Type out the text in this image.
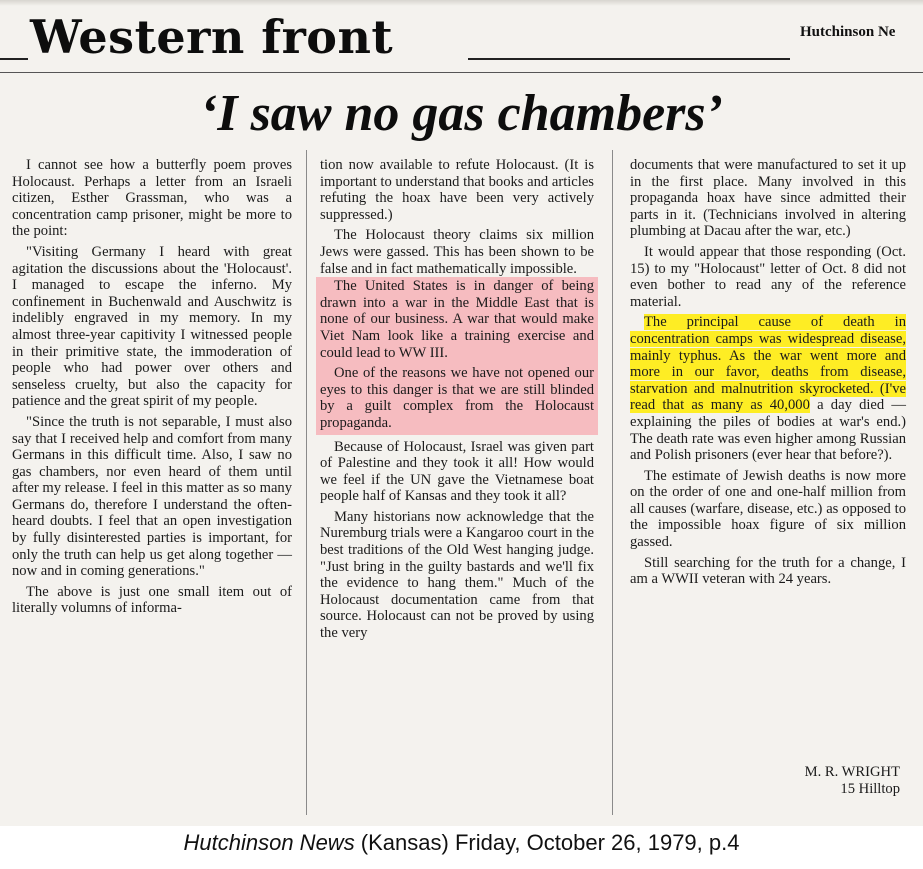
Western front	Hutchinson Ne
‘I saw no gas chambers’

I cannot see how a butterfly poem proves Holocaust. Perhaps a letter from an Israeli citizen, Esther Grassman, who was a concentration camp prisoner, might be more to the point:

"Visiting Germany I heard with great agitation the discussions about the 'Holocaust'. I managed to escape the inferno. My confinement in Buchenwald and Auschwitz is indelibly engraved in my memory. In my almost three-year capitivity I witnessed people in their primitive state, the immoderation of people who had power over others and senseless cruelty, but also the capacity for patience and the great spirit of my people.

"Since the truth is not separable, I must also say that I received help and comfort from many Germans in this difficult time. Also, I saw no gas chambers, nor even heard of them until after my release. I feel in this matter as so many Germans do, therefore I understand the often-heard doubts. I feel that an open investigation by fully disinterested parties is important, for only the truth can help us get along together — now and in coming generations."

The above is just one small item out of literally volumns of informa-

tion now available to refute Holocaust. (It is important to understand that books and articles refuting the hoax have been very actively suppressed.)

The Holocaust theory claims six million Jews were gassed. This has been shown to be false and in fact mathematically impossible.

The United States is in danger of being drawn into a war in the Middle East that is none of our business. A war that would make Viet Nam look like a training exercise and could lead to WW III.

One of the reasons we have not opened our eyes to this danger is that we are still blinded by a guilt complex from the Holocaust propaganda.

Because of Holocaust, Israel was given part of Palestine and they took it all! How would we feel if the UN gave the Vietnamese boat people half of Kansas and they took it all?

Many historians now acknowledge that the Nuremburg trials were a Kangaroo court in the best traditions of the Old West hanging judge. "Just bring in the guilty bastards and we'll fix the evidence to hang them." Much of the Holocaust documentation came from that source. Holocaust can not be proved by using the very

documents that were manufactured to set it up in the first place. Many involved in this propaganda hoax have since admitted their parts in it. (Technicians involved in altering plumbing at Dacau after the war, etc.)

It would appear that those responding (Oct. 15) to my "Holocaust" letter of Oct. 8 did not even bother to read any of the reference material.

The principal cause of death in concentration camps was widespread disease, mainly typhus. As the war went more and more in our favor, deaths from disease, starvation and malnutrition skyrocketed. (I've read that as many as 40,000 a day died — explaining the piles of bodies at war's end.) The death rate was even higher among Russian and Polish prisoners (ever hear that before?).

The estimate of Jewish deaths is now more on the order of one and one-half million from all causes (warfare, disease, etc.) as opposed to the impossible hoax figure of six million gassed.

Still searching for the truth for a change, I am a WWII veteran with 24 years.

M. R. WRIGHT
15 Hilltop
Hutchinson News (Kansas) Friday, October 26, 1979, p.4
